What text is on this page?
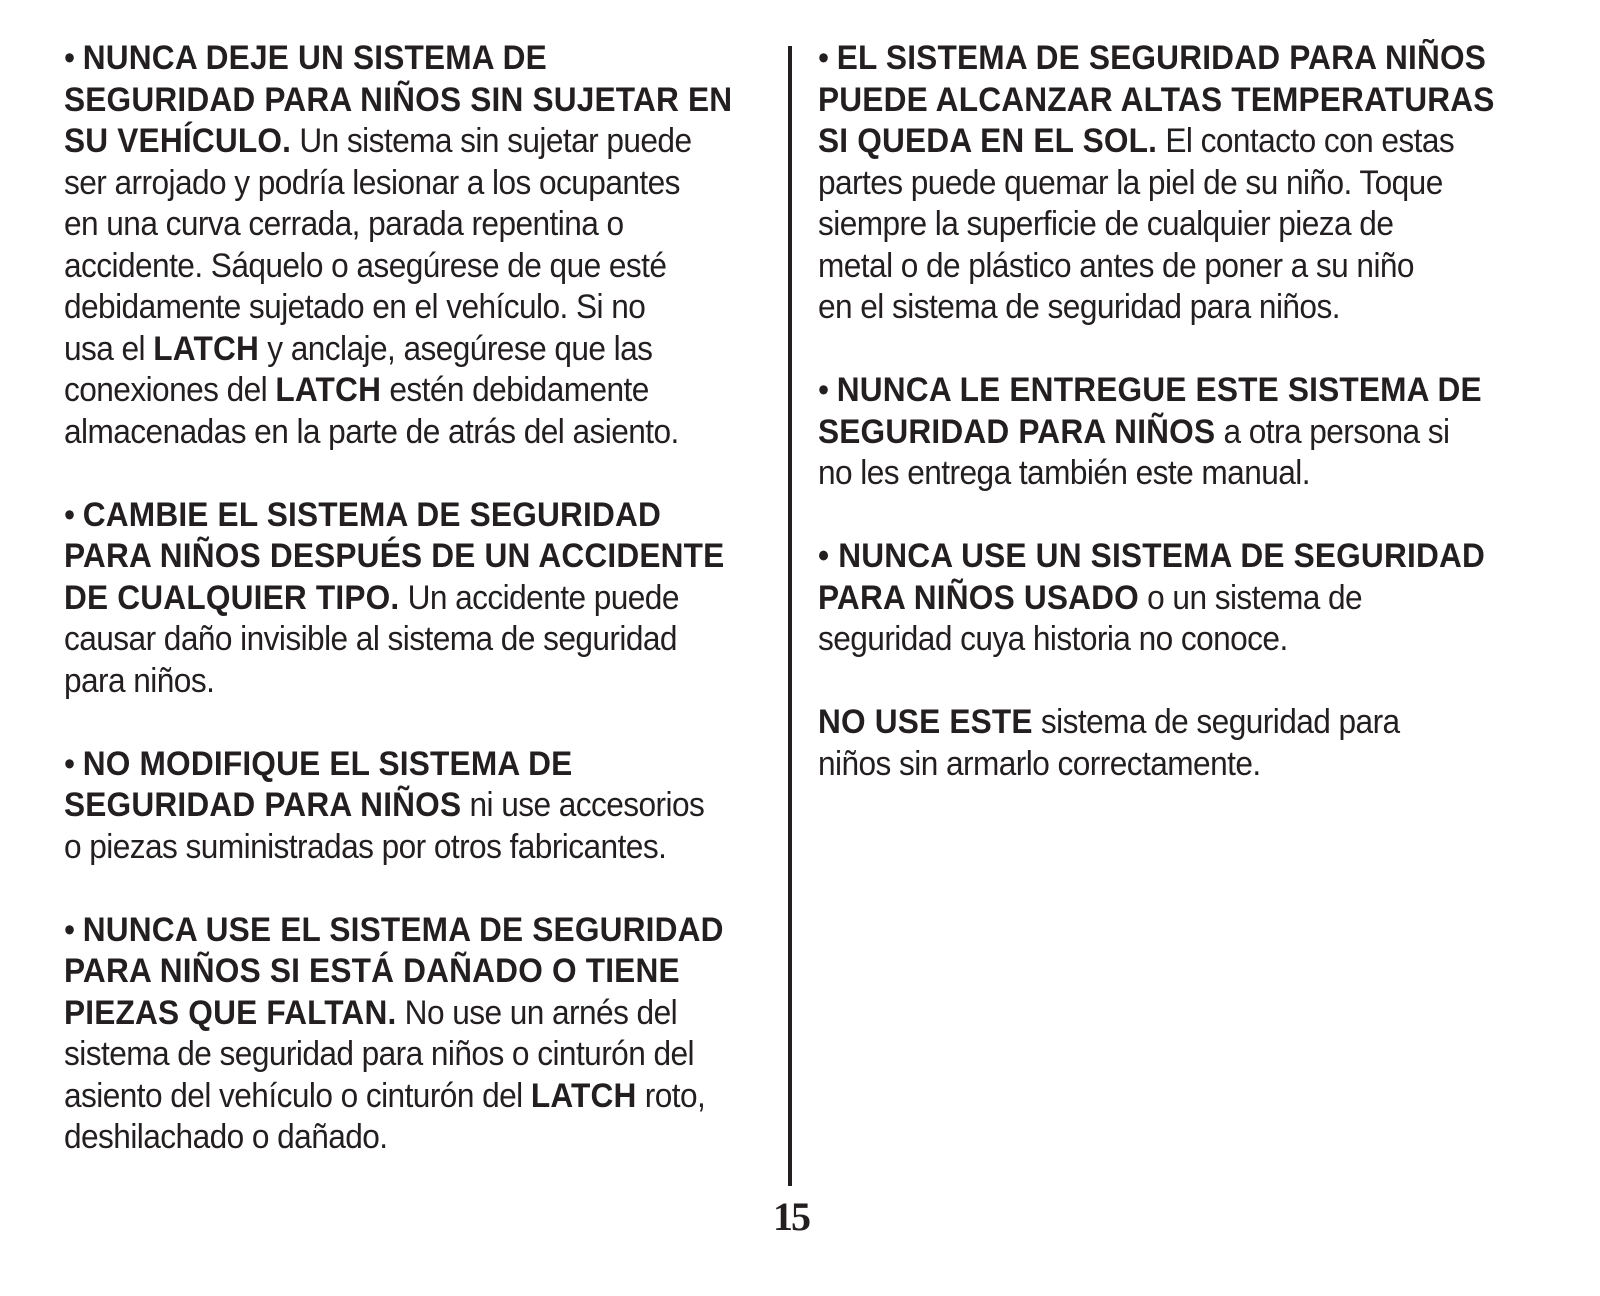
• NUNCA DEJE UN SISTEMA DE
SEGURIDAD PARA NIÑOS SIN SUJETAR EN
SU VEHÍCULO. Un sistema sin sujetar puede
ser arrojado y podría lesionar a los ocupantes
en una curva cerrada, parada repentina o
accidente. Sáquelo o asegúrese de que esté
debidamente sujetado en el vehículo. Si no
usa el LATCH y anclaje, asegúrese que las
conexiones del LATCH estén debidamente
almacenadas en la parte de atrás del asiento.

• CAMBIE EL SISTEMA DE SEGURIDAD
PARA NIÑOS DESPUÉS DE UN ACCIDENTE
DE CUALQUIER TIPO. Un accidente puede
causar daño invisible al sistema de seguridad
para niños.

• NO MODIFIQUE EL SISTEMA DE
SEGURIDAD PARA NIÑOS ni use accesorios
o piezas suministradas por otros fabricantes.

• NUNCA USE EL SISTEMA DE SEGURIDAD
PARA NIÑOS SI ESTÁ DAÑADO O TIENE
PIEZAS QUE FALTAN. No use un arnés del
sistema de seguridad para niños o cinturón del
asiento del vehículo o cinturón del LATCH roto,
deshilachado o dañado.

• EL SISTEMA DE SEGURIDAD PARA NIÑOS
PUEDE ALCANZAR ALTAS TEMPERATURAS
SI QUEDA EN EL SOL. El contacto con estas
partes puede quemar la piel de su niño. Toque
siempre la superficie de cualquier pieza de
metal o de plástico antes de poner a su niño
en el sistema de seguridad para niños.

• NUNCA LE ENTREGUE ESTE SISTEMA DE
SEGURIDAD PARA NIÑOS a otra persona si
no les entrega también este manual.

• NUNCA USE UN SISTEMA DE SEGURIDAD
PARA NIÑOS USADO o un sistema de
seguridad cuya historia no conoce.

NO USE ESTE sistema de seguridad para
niños sin armarlo correctamente.

15
